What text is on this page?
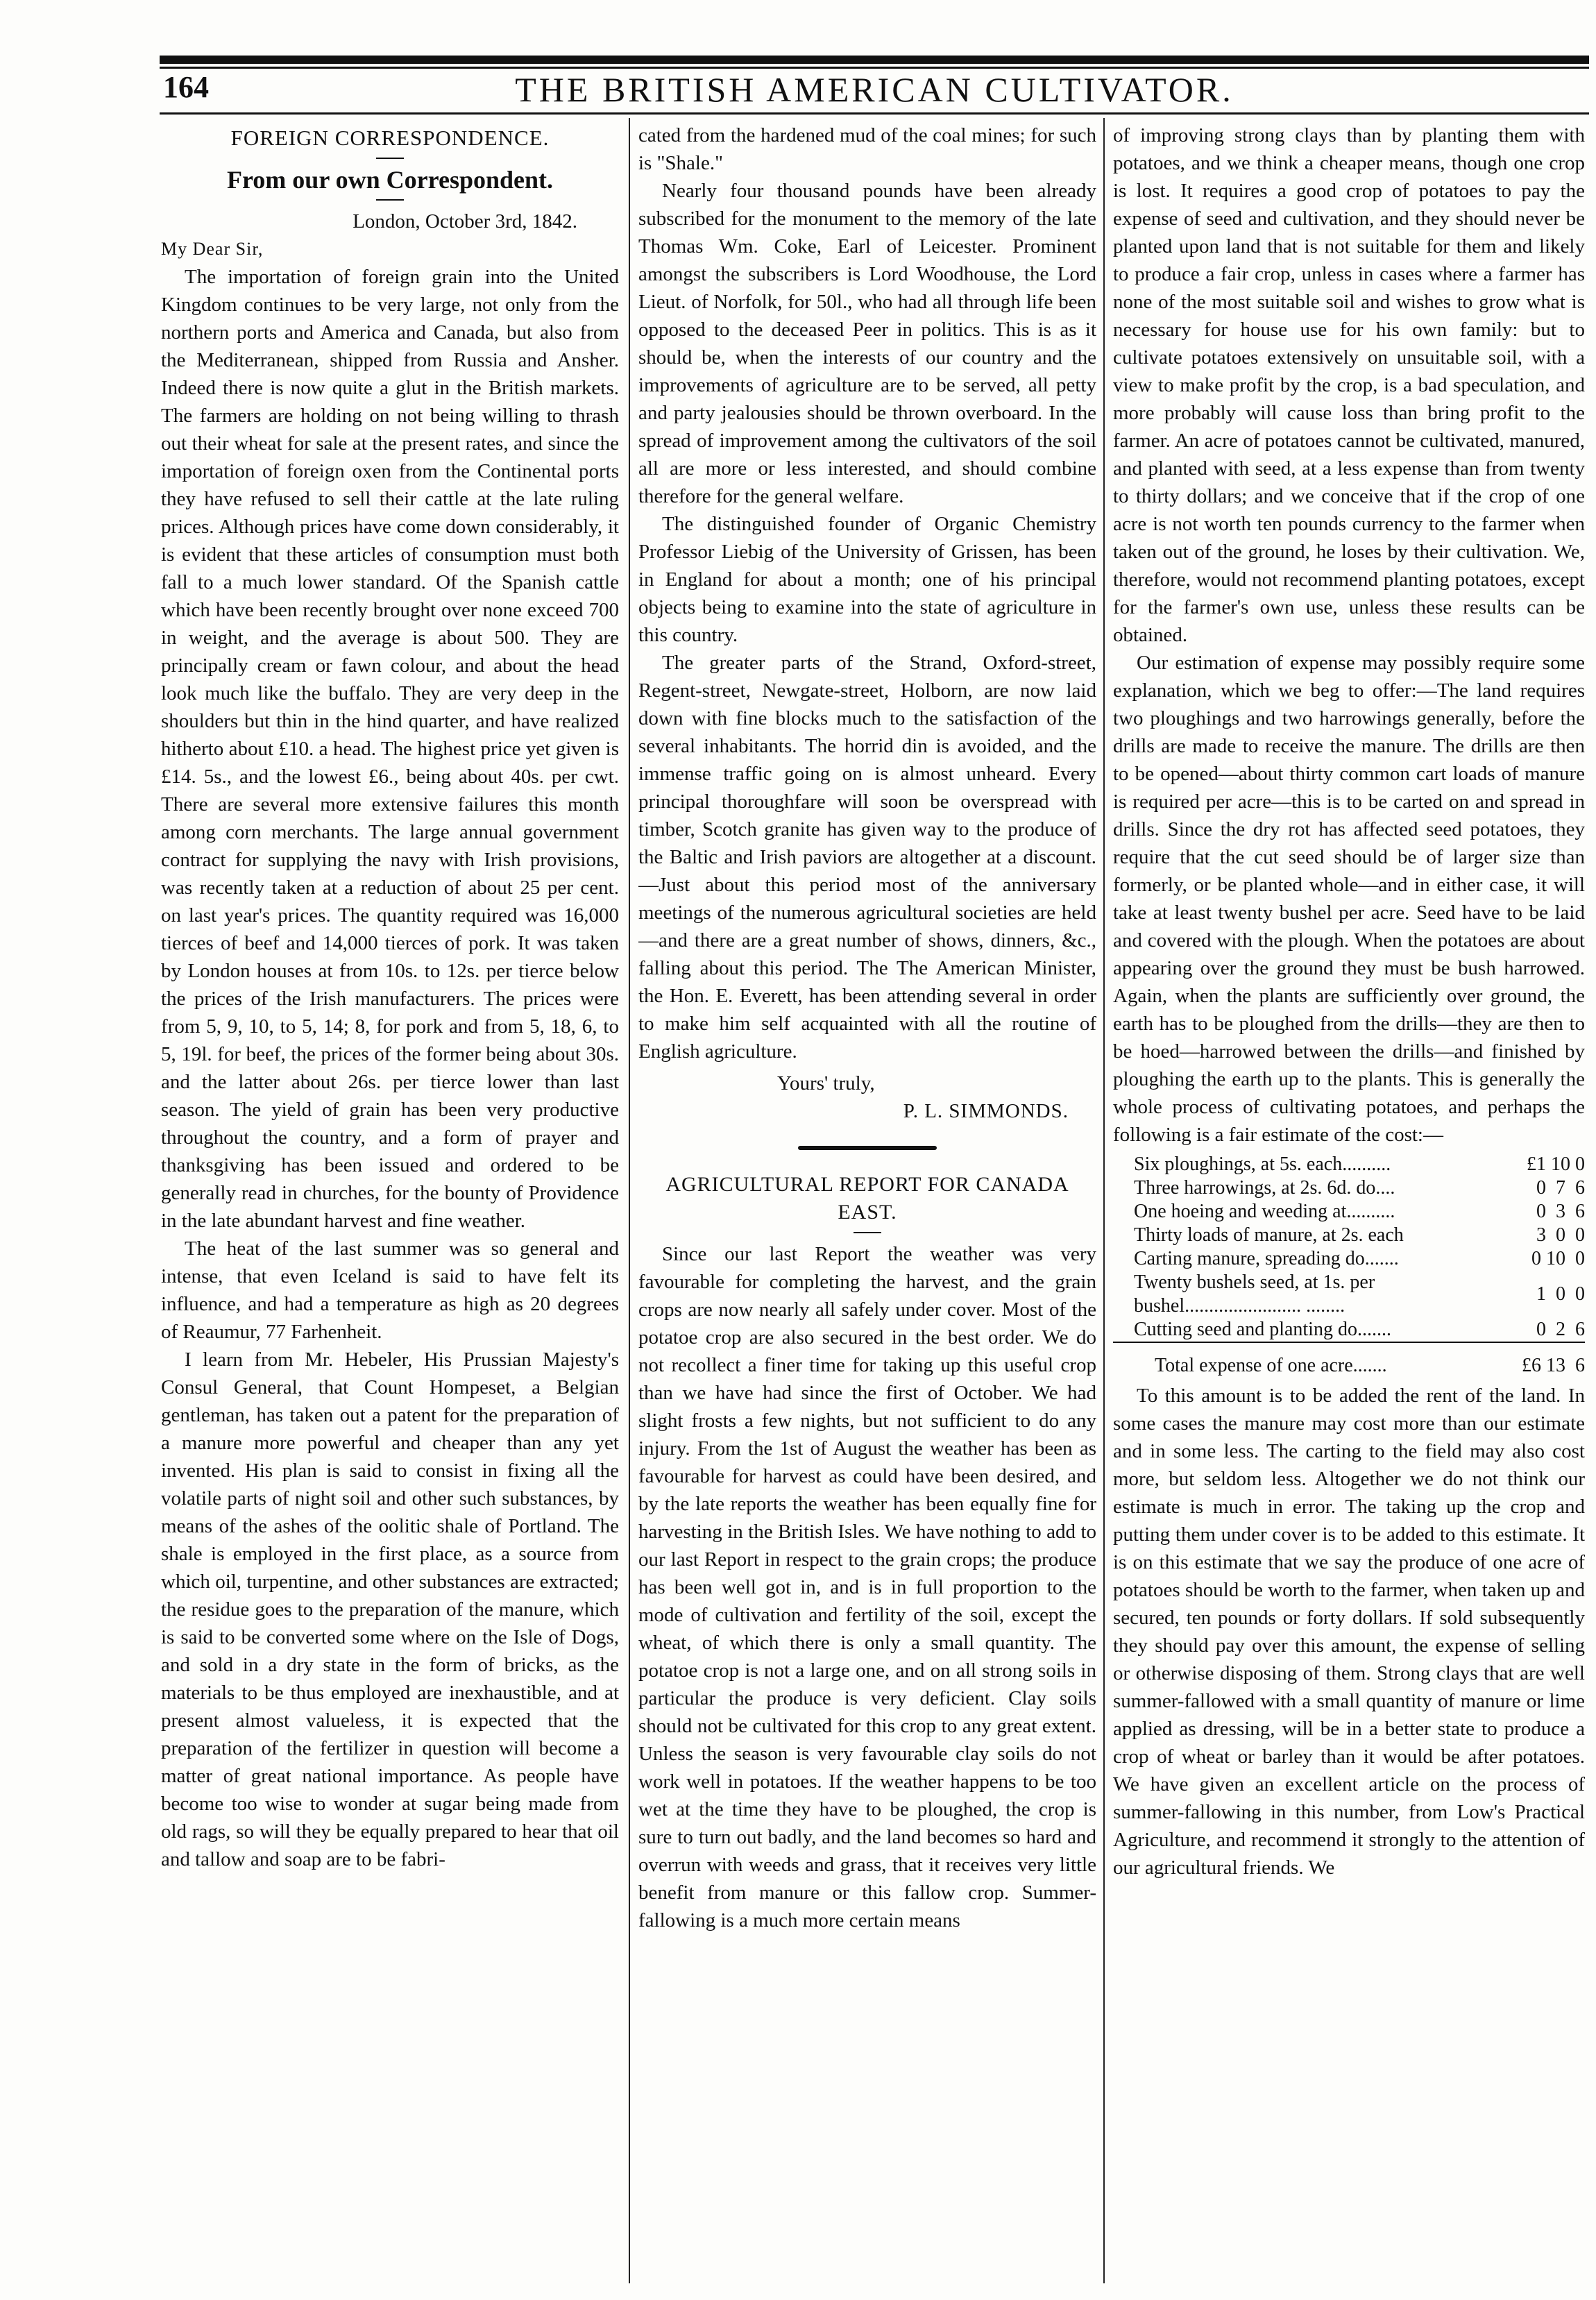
164	THE BRITISH AMERICAN CULTIVATOR.
FOREIGN CORRESPONDENCE.
From our own Correspondent.

London, October 3rd, 1842.

My Dear Sir,

The importation of foreign grain into the United Kingdom continues to be very large, not only from the northern ports and America and Canada, but also from the Mediterranean, shipped from Russia and Ansher. Indeed there is now quite a glut in the British markets. The farmers are holding on not being willing to thrash out their wheat for sale at the present rates, and since the importation of foreign oxen from the Continental ports they have refused to sell their cattle at the late ruling prices. Although prices have come down considerably, it is evident that these articles of consumption must both fall to a much lower standard. Of the Spanish cattle which have been recently brought over none exceed 700 in weight, and the average is about 500. They are principally cream or fawn colour, and about the head look much like the buffalo. They are very deep in the shoulders but thin in the hind quarter, and have realized hitherto about £10. a head. The highest price yet given is £14. 5s., and the lowest £6., being about 40s. per cwt. There are several more extensive failures this month among corn merchants. The large annual government contract for supplying the navy with Irish provisions, was recently taken at a reduction of about 25 per cent. on last year's prices. The quantity required was 16,000 tierces of beef and 14,000 tierces of pork. It was taken by London houses at from 10s. to 12s. per tierce below the prices of the Irish manufacturers. The prices were from 5, 9, 10, to 5, 14; 8, for pork and from 5, 18, 6, to 5, 19l. for beef, the prices of the former being about 30s. and the latter about 26s. per tierce lower than last season. The yield of grain has been very productive throughout the country, and a form of prayer and thanksgiving has been issued and ordered to be generally read in churches, for the bounty of Providence in the late abundant harvest and fine weather.

The heat of the last summer was so general and intense, that even Iceland is said to have felt its influence, and had a temperature as high as 20 degrees of Reaumur, 77 Farhenheit.

I learn from Mr. Hebeler, His Prussian Majesty's Consul General, that Count Hompeset, a Belgian gentleman, has taken out a patent for the preparation of a manure more powerful and cheaper than any yet invented. His plan is said to consist in fixing all the volatile parts of night soil and other such substances, by means of the ashes of the oolitic shale of Portland. The shale is employed in the first place, as a source from which oil, turpentine, and other substances are extracted; the residue goes to the preparation of the manure, which is said to be converted some where on the Isle of Dogs, and sold in a dry state in the form of bricks, as the materials to be thus employed are inexhaustible, and at present almost valueless, it is expected that the preparation of the fertilizer in question will become a matter of great national importance. As people have become too wise to wonder at sugar being made from old rags, so will they be equally prepared to hear that oil and tallow and soap are to be fabri-

cated from the hardened mud of the coal mines; for such is "Shale."

Nearly four thousand pounds have been already subscribed for the monument to the memory of the late Thomas Wm. Coke, Earl of Leicester. Prominent amongst the subscribers is Lord Woodhouse, the Lord Lieut. of Norfolk, for 50l., who had all through life been opposed to the deceased Peer in politics. This is as it should be, when the interests of our country and the improvements of agriculture are to be served, all petty and party jealousies should be thrown overboard. In the spread of improvement among the cultivators of the soil all are more or less interested, and should combine therefore for the general welfare.

The distinguished founder of Organic Chemistry Professor Liebig of the University of Grissen, has been in England for about a month; one of his principal objects being to examine into the state of agriculture in this country.

The greater parts of the Strand, Oxford-street, Regent-street, Newgate-street, Holborn, are now laid down with fine blocks much to the satisfaction of the several inhabitants. The horrid din is avoided, and the immense traffic going on is almost unheard. Every principal thoroughfare will soon be overspread with timber, Scotch granite has given way to the produce of the Baltic and Irish paviors are altogether at a discount.—Just about this period most of the anniversary meetings of the numerous agricultural societies are held—and there are a great number of shows, dinners, &c., falling about this period. The The American Minister, the Hon. E. Everett, has been attending several in order to make him self acquainted with all the routine of English agriculture.

Yours' truly,

P. L. SIMMONDS.

AGRICULTURAL REPORT FOR CANADA EAST.

Since our last Report the weather was very favourable for completing the harvest, and the grain crops are now nearly all safely under cover. Most of the potatoe crop are also secured in the best order. We do not recollect a finer time for taking up this useful crop than we have had since the first of October. We had slight frosts a few nights, but not sufficient to do any injury. From the 1st of August the weather has been as favourable for harvest as could have been desired, and by the late reports the weather has been equally fine for harvesting in the British Isles. We have nothing to add to our last Report in respect to the grain crops; the produce has been well got in, and is in full proportion to the mode of cultivation and fertility of the soil, except the wheat, of which there is only a small quantity. The potatoe crop is not a large one, and on all strong soils in particular the produce is very deficient. Clay soils should not be cultivated for this crop to any great extent. Unless the season is very favourable clay soils do not work well in potatoes. If the weather happens to be too wet at the time they have to be ploughed, the crop is sure to turn out badly, and the land becomes so hard and overrun with weeds and grass, that it receives very little benefit from manure or this fallow crop. Summer-fallowing is a much more certain means

of improving strong clays than by planting them with potatoes, and we think a cheaper means, though one crop is lost. It requires a good crop of potatoes to pay the expense of seed and cultivation, and they should never be planted upon land that is not suitable for them and likely to produce a fair crop, unless in cases where a farmer has none of the most suitable soil and wishes to grow what is necessary for house use for his own family: but to cultivate potatoes extensively on unsuitable soil, with a view to make profit by the crop, is a bad speculation, and more probably will cause loss than bring profit to the farmer. An acre of potatoes cannot be cultivated, manured, and planted with seed, at a less expense than from twenty to thirty dollars; and we conceive that if the crop of one acre is not worth ten pounds currency to the farmer when taken out of the ground, he loses by their cultivation. We, therefore, would not recommend planting potatoes, except for the farmer's own use, unless these results can be obtained.

Our estimation of expense may possibly require some explanation, which we beg to offer:—The land requires two ploughings and two harrowings generally, before the drills are made to receive the manure. The drills are then to be opened—about thirty common cart loads of manure is required per acre—this is to be carted on and spread in drills. Since the dry rot has affected seed potatoes, they require that the cut seed should be of larger size than formerly, or be planted whole—and in either case, it will take at least twenty bushel per acre. Seed have to be laid and covered with the plough. When the potatoes are about appearing over the ground they must be bush harrowed. Again, when the plants are sufficiently over ground, the earth has to be ploughed from the drills—they are then to be hoed—harrowed between the drills—and finished by ploughing the earth up to the plants. This is generally the whole process of cultivating potatoes, and perhaps the following is a fair estimate of the cost:—

Six ploughings, at 5s. each..........	£1 10 0
Three harrowings, at 2s. 6d. do....	0  7  6
One hoeing and weeding at..........	0  3  6
Thirty loads of manure, at 2s. each	3  0  0
Carting manure, spreading do.......	0 10  0
Twenty bushels seed, at 1s. per bushel........................ ........	1  0  0
Cutting seed and planting do.......	0  2  6
Total expense of one acre.......	£6 13  6

To this amount is to be added the rent of the land. In some cases the manure may cost more than our estimate and in some less. The carting to the field may also cost more, but seldom less. Altogether we do not think our estimate is much in error. The taking up the crop and putting them under cover is to be added to this estimate. It is on this estimate that we say the produce of one acre of potatoes should be worth to the farmer, when taken up and secured, ten pounds or forty dollars. If sold subsequently they should pay over this amount, the expense of selling or otherwise disposing of them. Strong clays that are well summer-fallowed with a small quantity of manure or lime applied as dressing, will be in a better state to produce a crop of wheat or barley than it would be after potatoes. We have given an excellent article on the process of summer-fallowing in this number, from Low's Practical Agriculture, and recommend it strongly to the attention of our agricultural friends. We
